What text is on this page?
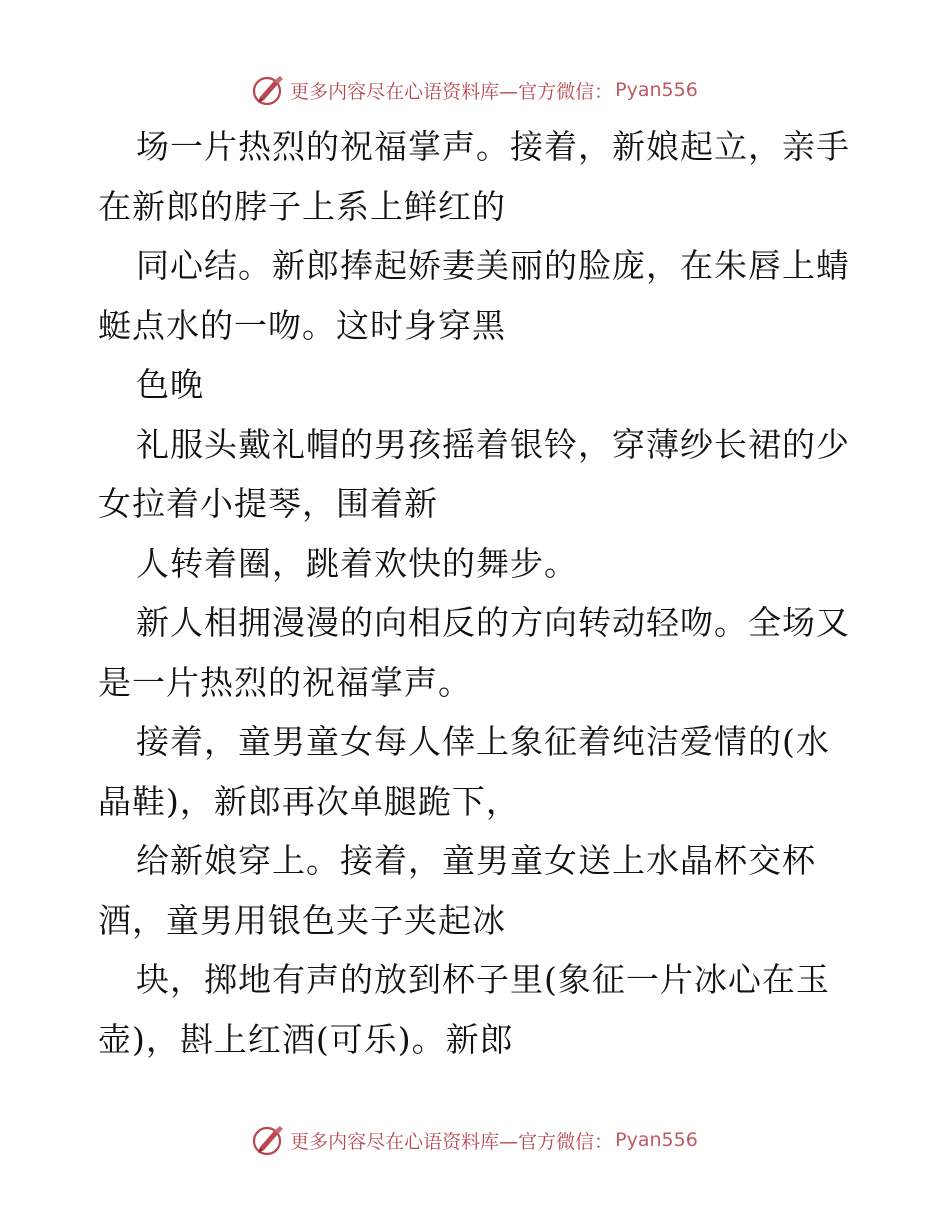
更多内容尽在心语资料库—官方微信： Pyan556

场一片热烈的祝福掌声。接着，新娘起立，亲手在新郎的脖子上系上鲜红的

同心结。新郎捧起娇妻美丽的脸庞，在朱唇上蜻蜓点水的一吻。这时身穿黑

色晚

礼服头戴礼帽的男孩摇着银铃，穿薄纱长裙的少女拉着小提琴，围着新

人转着圈，跳着欢快的舞步。

新人相拥漫漫的向相反的方向转动轻吻。全场又是一片热烈的祝福掌声。

接着，童男童女每人倖上象征着纯洁爱情的(水晶鞋)，新郎再次单腿跪下，

给新娘穿上。接着，童男童女送上水晶杯交杯酒，童男用银色夹子夹起冰

块，掷地有声的放到杯子里(象征一片冰心在玉壶)，斟上红酒(可乐)。新郎

更多内容尽在心语资料库—官方微信： Pyan556
